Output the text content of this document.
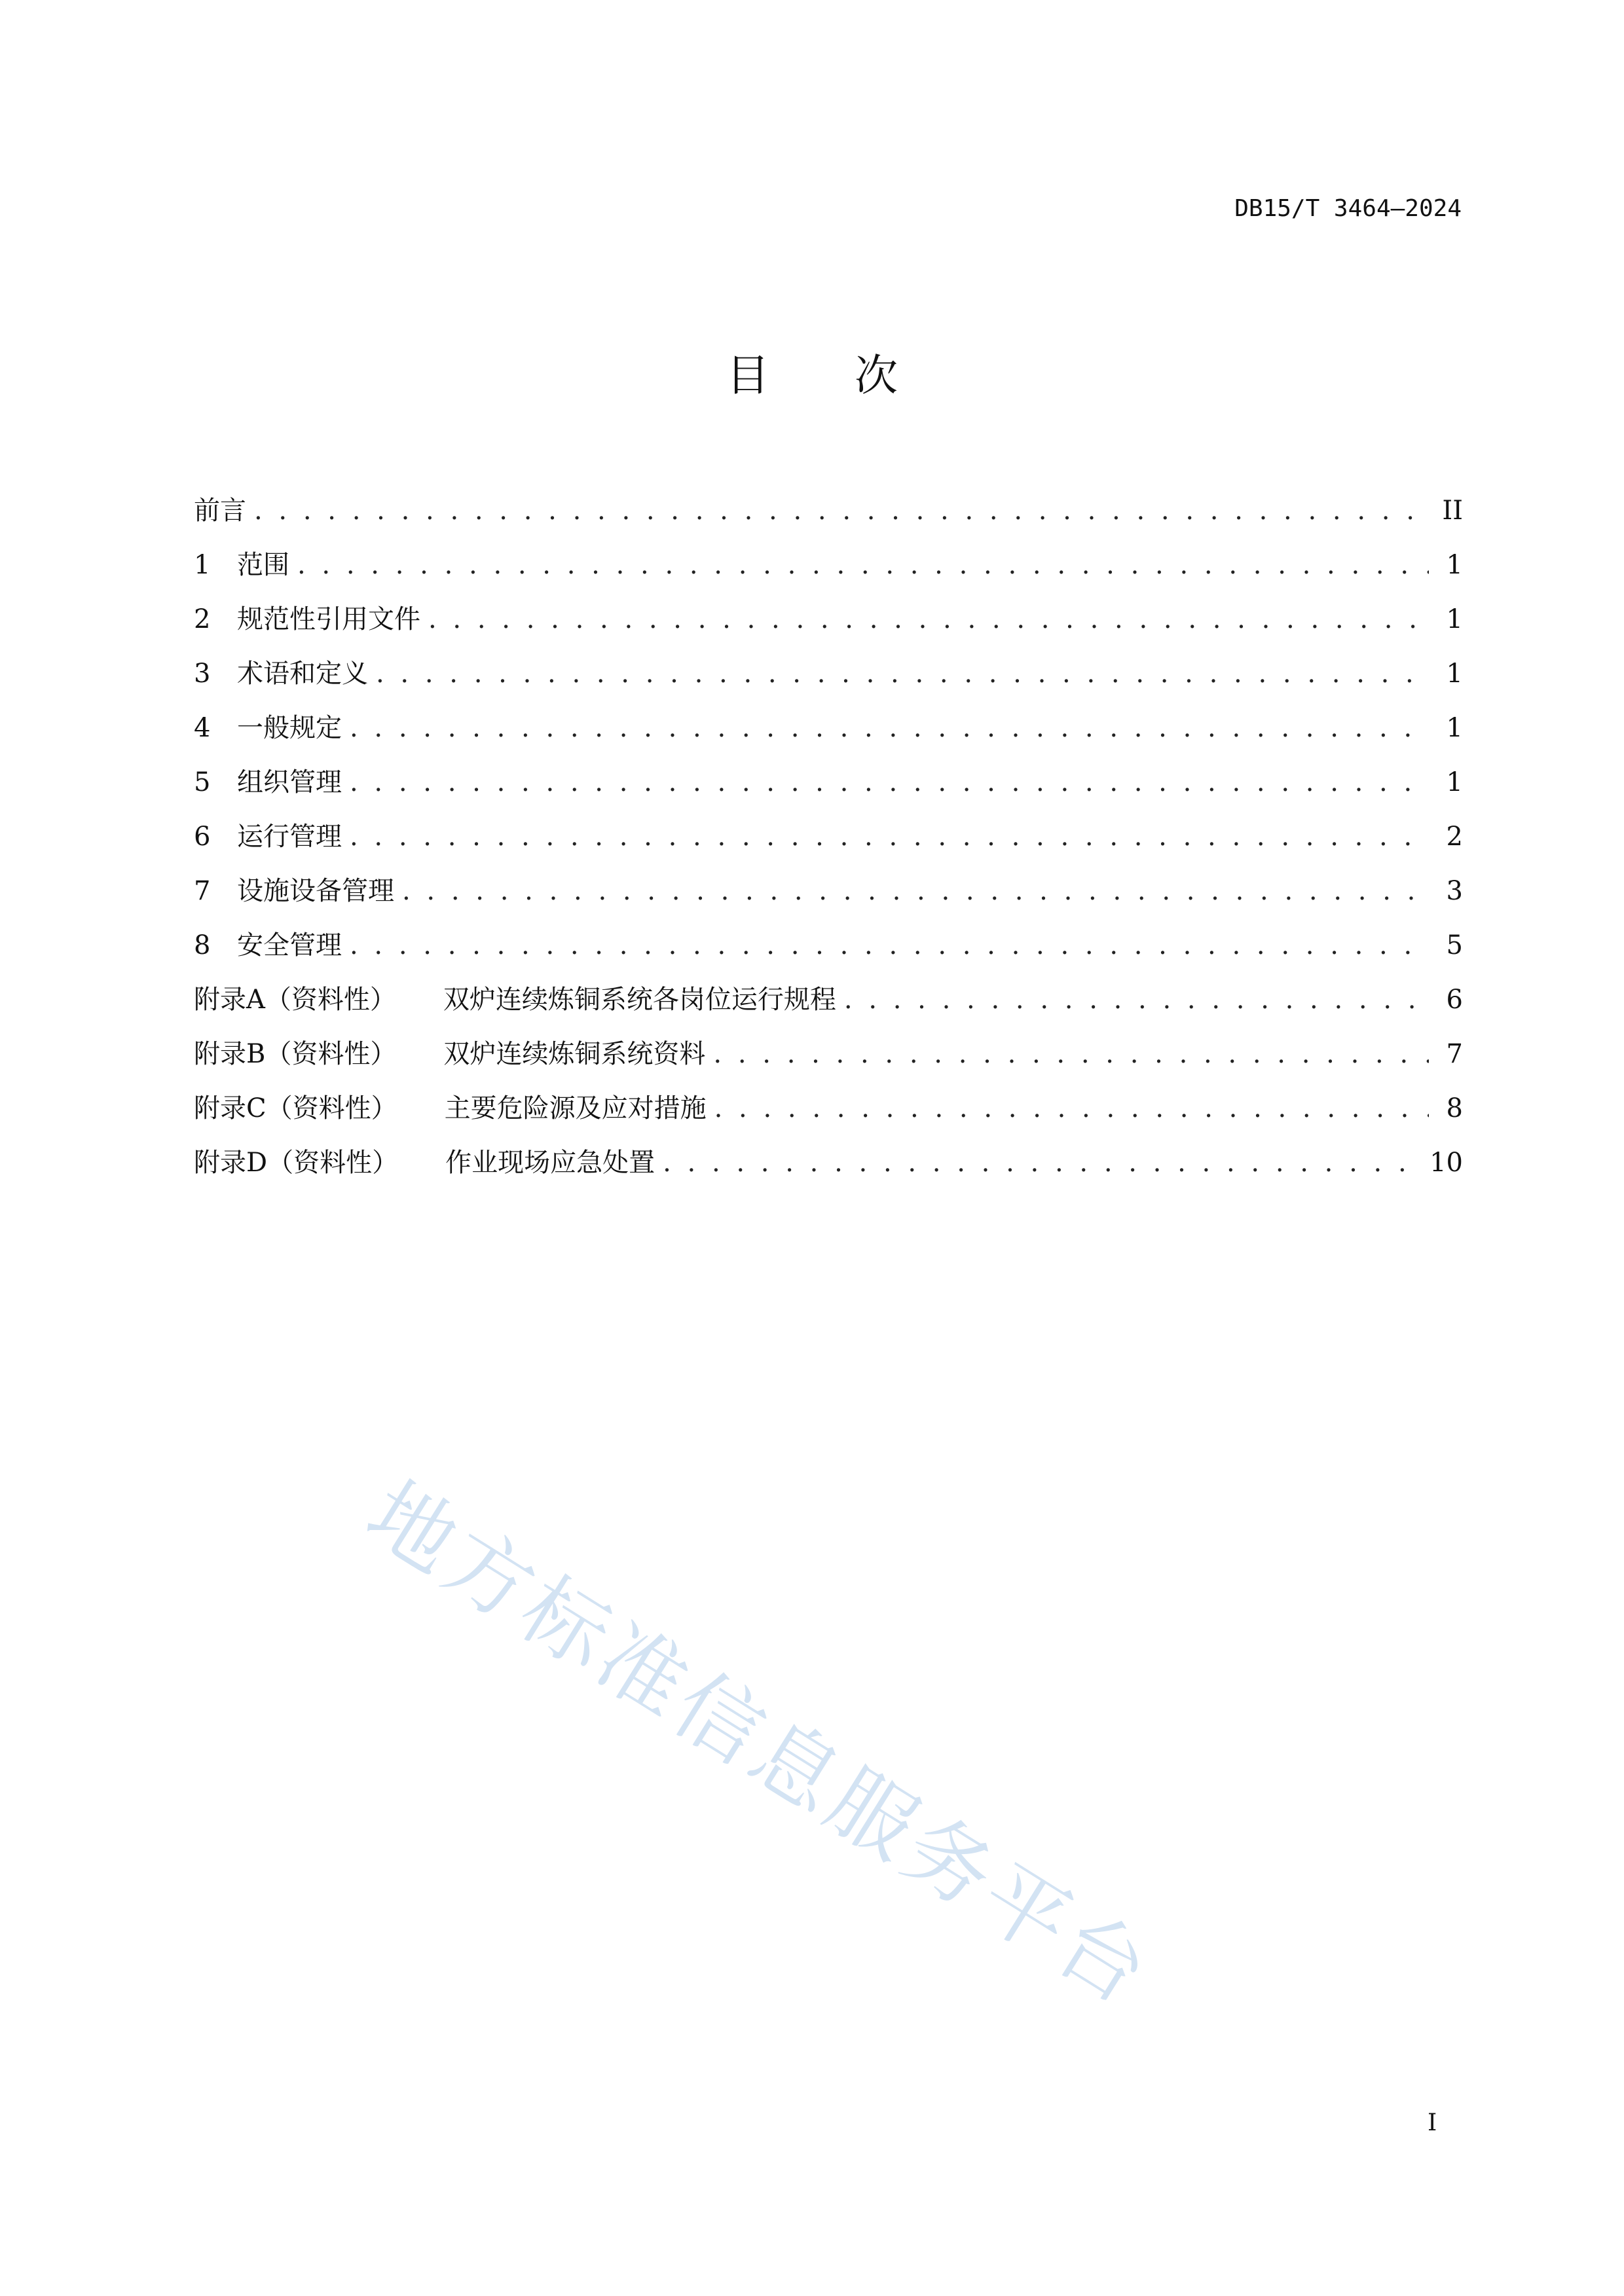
DB15/T 3464—2024
目 次
前言 . . .	II
1	范围 . . .	1
2	规范性引用文件 . . .	1
3	术语和定义 . . .	1
4	一般规定 . . .	1
5	组织管理 . . .	1
6	运行管理 . . .	2
7	设施设备管理 . . .	3
8	安全管理 . . .	5
附录A（资料性） 双炉连续炼铜系统各岗位运行规程 . . .	6
附录B（资料性） 双炉连续炼铜系统资料 . . .	7
附录C（资料性） 主要危险源及应对措施 . . .	8
附录D（资料性） 作业现场应急处置 . . .	10
地方标准信息服务平台
I
